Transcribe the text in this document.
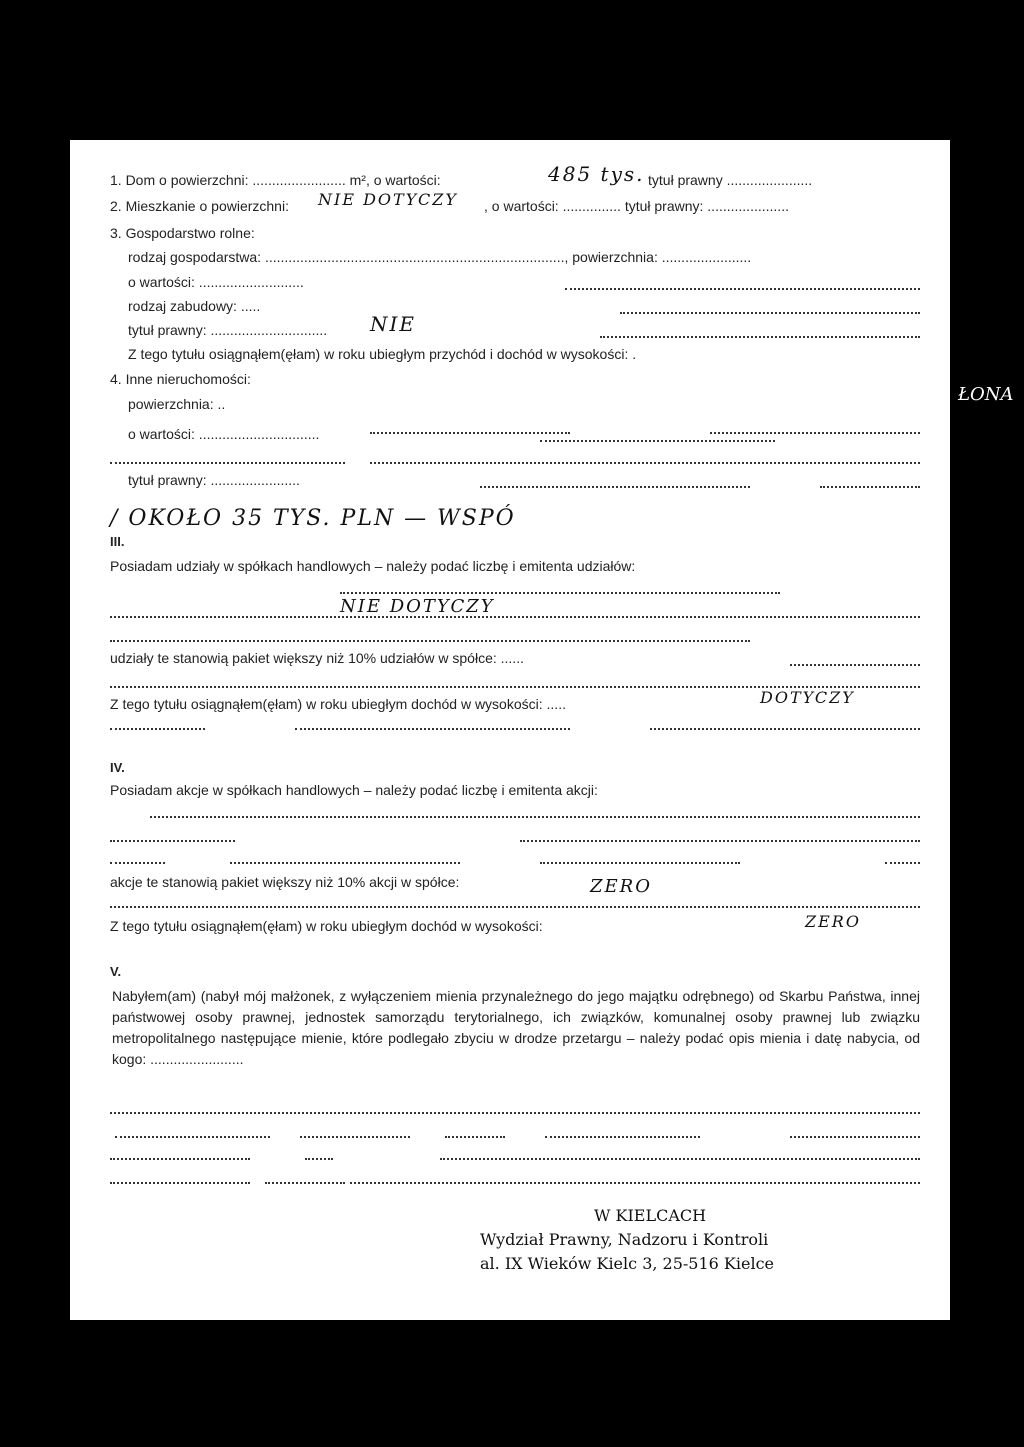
1. Dom o powierzchni: ........................ m², o wartości:	485 tys. tytuł prawny ......................
2. Mieszkanie o powierzchni: NIE DOTYCZY , o wartości: ............... tytuł prawny: .....................
3. Gospodarstwo rolne:
rodzaj gospodarstwa: ............................................................................., powierzchnia: .......................
o wartości: ...........................
rodzaj zabudowy: .....
tytuł prawny: .............................. NIE
Z tego tytułu osiągnąłem(ęłam) w roku ubiegłym przychód i dochód w wysokości: .
4. Inne nieruchomości:
powierzchnia: ..
o wartości: ...............................
tytuł prawny: .......................
/ OKOŁO 35 TYS. PLN — WSPÓ
III.
Posiadam udziały w spółkach handlowych – należy podać liczbę i emitenta udziałów:
NIE DOTYCZY
udziały te stanowią pakiet większy niż 10% udziałów w spółce: ......
Z tego tytułu osiągnąłem(ęłam) w roku ubiegłym dochód w wysokości: .....	DOTYCZY
IV.
Posiadam akcje w spółkach handlowych – należy podać liczbę i emitenta akcji:
akcje te stanowią pakiet większy niż 10% akcji w spółce:	ZERO
Z tego tytułu osiągnąłem(ęłam) w roku ubiegłym dochód w wysokości:	ZERO
V.
Nabyłem(am) (nabył mój małżonek, z wyłączeniem mienia przynależnego do jego majątku odrębnego) od Skarbu Państwa, innej państwowej osoby prawnej, jednostek samorządu terytorialnego, ich związków, komunalnej osoby prawnej lub związku metropolitalnego następujące mienie, które podlegało zbyciu w drodze przetargu – należy podać opis mienia i datę nabycia, od kogo: ........................
W KIELCACH
Wydział Prawny, Nadzoru i Kontroli
al. IX Wieków Kielc 3, 25-516 Kielce
ŁONA
